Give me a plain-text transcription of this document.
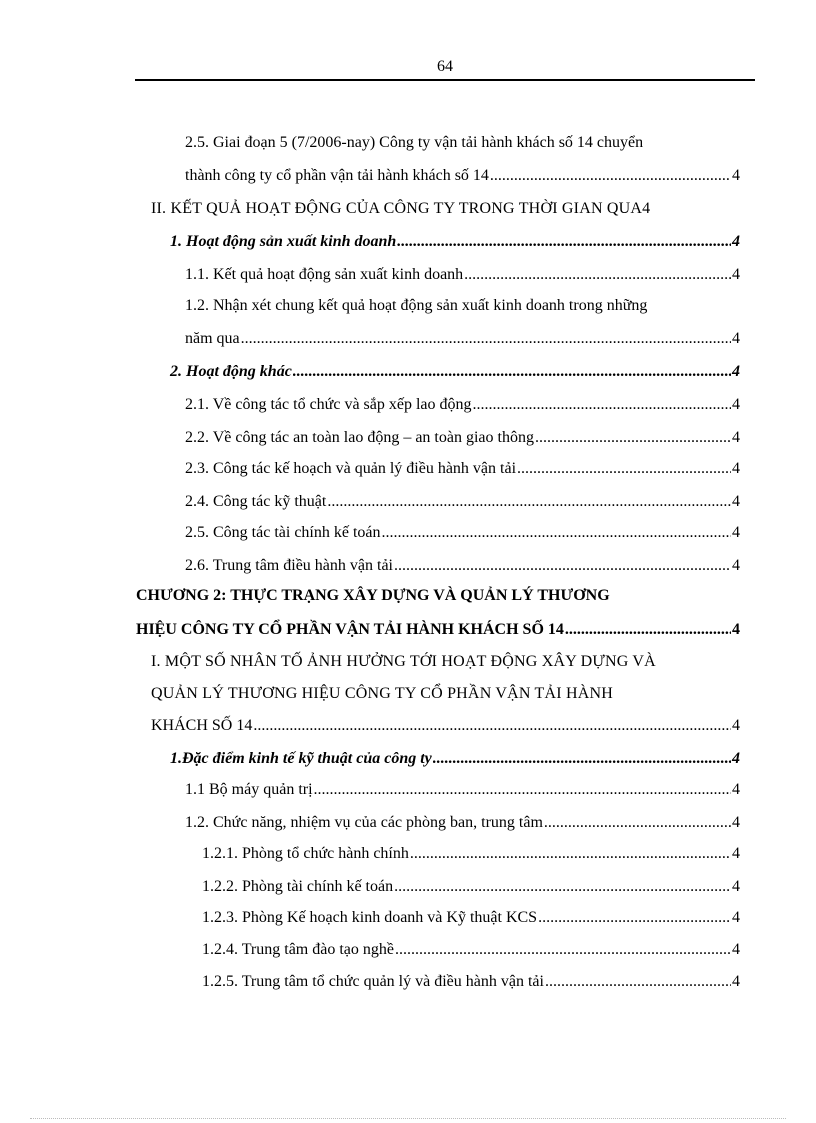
64
2.5. Giai đoạn 5 (7/2006-nay) Công ty vận tải hành khách số 14 chuyển
thành công ty cổ phần vận tải hành khách số 14 .....	4
II. KẾT QUẢ HOẠT ĐỘNG CỦA CÔNG TY TRONG THỜI GIAN QUA4
1. Hoạt động sản xuất kinh doanh .....	4
1.1. Kết quả hoạt động sản xuất kinh doanh .....	4
1.2. Nhận xét chung kết quả hoạt động sản xuất kinh doanh trong những
năm qua .....	4
2. Hoạt động khác .....	4
2.1. Về công tác tổ chức và sắp xếp lao động .....	4
2.2. Về công tác an toàn lao động – an toàn giao thông .....	4
2.3. Công tác kế hoạch và quản lý điều hành vận tải .....	4
2.4. Công tác kỹ thuật .....	4
2.5. Công tác tài chính kế toán .....	4
2.6. Trung tâm điều hành vận tải .....	4
CHƯƠNG 2: THỰC TRẠNG XÂY DỰNG VÀ QUẢN LÝ THƯƠNG
HIỆU CÔNG TY CỔ PHẦN VẬN TẢI HÀNH KHÁCH SỐ 14 .....	4
I. MỘT SỐ NHÂN TỐ ẢNH HƯỞNG TỚI HOẠT ĐỘNG XÂY DỰNG VÀ
QUẢN LÝ THƯƠNG HIỆU CÔNG TY CỔ PHẦN VẬN TẢI HÀNH
KHÁCH SỐ 14 .....	4
1.Đặc điểm kinh tế kỹ thuật của công ty .....	4
1.1 Bộ máy quản trị .....	4
1.2. Chức năng, nhiệm vụ của các phòng ban, trung tâm .....	4
1.2.1. Phòng tổ chức hành chính .....	4
1.2.2. Phòng tài chính kế toán .....	4
1.2.3. Phòng Kế hoạch kinh doanh và Kỹ thuật KCS .....	4
1.2.4. Trung tâm đào tạo nghề .....	4
1.2.5. Trung tâm tổ chức quản lý và điều hành vận tải .....	4
